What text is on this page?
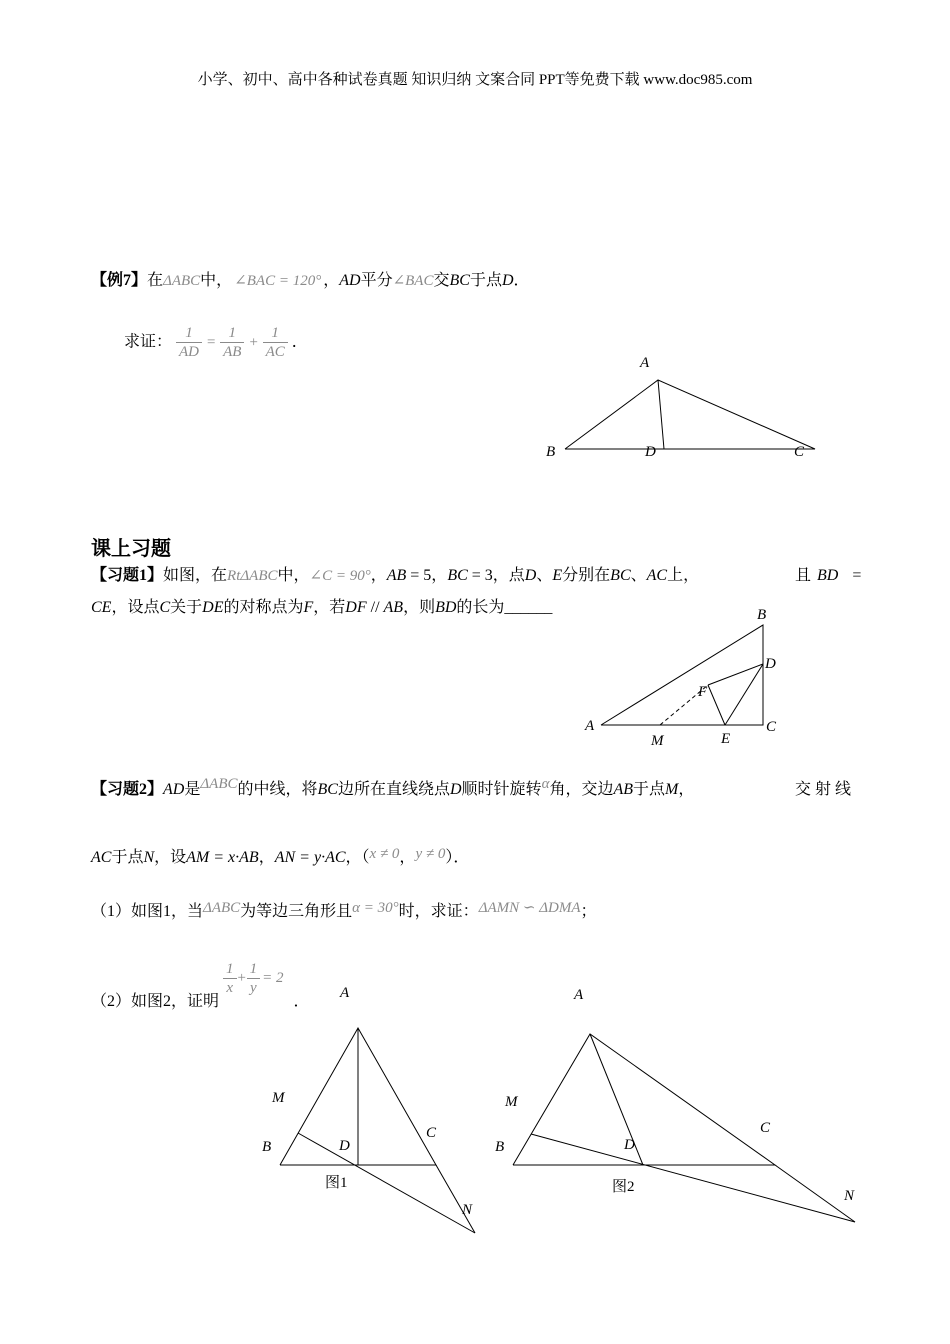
小学、初中、高中各种试卷真题 知识归纳 文案合同 PPT等免费下载 www.doc985.com
【例7】在ΔABC中， ∠BAC = 120° ，AD平分∠BAC交BC于点D．
求证： $\frac{1}{AD} = \frac{1}{AB} + \frac{1}{AC}$ ．
A
B	D	C
课上习题
【习题1】如图，在RtΔABC中，∠C = 90°，AB = 5，BC = 3，点D、E分别在BC、AC上，	且 BD =
CE，设点C关于DE的对称点为F，若DF // AB，则BD的长为______	B
D
F
A	C
M	E
【习题2】AD是ΔABC的中线，将BC边所在直线绕点D顺时针旋转α角，交边AB于点M，	交 射 线
AC于点N，设AM = x·AB，AN = y·AC，（x ≠ 0，y ≠ 0）．
（1）如图1，当ΔABC为等边三角形且α = 30°时，求证：ΔAMN ∽ ΔDMA；
（2）如图2，证明
$\frac{1}{x} + \frac{1}{y} = 2$ ．
A
M
B	D
C
N
图1
A
M
B	D
C
N
图2
